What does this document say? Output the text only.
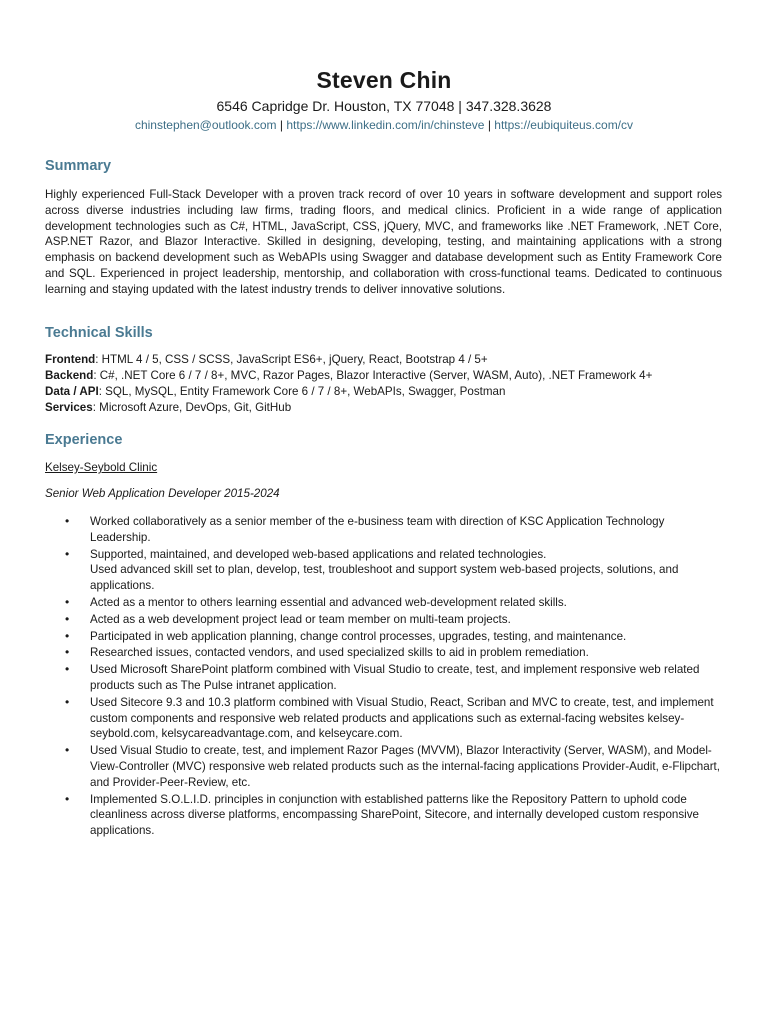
Steven Chin
6546 Capridge Dr. Houston, TX 77048 | 347.328.3628
chinstephen@outlook.com | https://www.linkedin.com/in/chinsteve | https://eubiquiteus.com/cv
Summary
Highly experienced Full-Stack Developer with a proven track record of over 10 years in software development and support roles across diverse industries including law firms, trading floors, and medical clinics. Proficient in a wide range of application development technologies such as C#, HTML, JavaScript, CSS, jQuery, MVC, and frameworks like .NET Framework, .NET Core, ASP.NET Razor, and Blazor Interactive. Skilled in designing, developing, testing, and maintaining applications with a strong emphasis on backend development such as WebAPIs using Swagger and database development such as Entity Framework Core and SQL. Experienced in project leadership, mentorship, and collaboration with cross-functional teams. Dedicated to continuous learning and staying updated with the latest industry trends to deliver innovative solutions.
Technical Skills
Frontend: HTML 4 / 5, CSS / SCSS, JavaScript ES6+, jQuery, React, Bootstrap 4 / 5+
Backend: C#, .NET Core 6 / 7 / 8+, MVC, Razor Pages, Blazor Interactive (Server, WASM, Auto), .NET Framework 4+
Data / API: SQL, MySQL, Entity Framework Core 6 / 7 / 8+, WebAPIs, Swagger, Postman
Services: Microsoft Azure, DevOps, Git, GitHub
Experience
Kelsey-Seybold Clinic
Senior Web Application Developer 2015-2024
• Worked collaboratively as a senior member of the e-business team with direction of KSC Application Technology Leadership.
• Supported, maintained, and developed web-based applications and related technologies.
Used advanced skill set to plan, develop, test, troubleshoot and support system web-based projects, solutions, and applications.
• Acted as a mentor to others learning essential and advanced web-development related skills.
• Acted as a web development project lead or team member on multi-team projects.
• Participated in web application planning, change control processes, upgrades, testing, and maintenance.
• Researched issues, contacted vendors, and used specialized skills to aid in problem remediation.
• Used Microsoft SharePoint platform combined with Visual Studio to create, test, and implement responsive web related products such as The Pulse intranet application.
• Used Sitecore 9.3 and 10.3 platform combined with Visual Studio, React, Scriban and MVC to create, test, and implement custom components and responsive web related products and applications such as external-facing websites kelsey-seybold.com, kelsycareadvantage.com, and kelseycare.com.
• Used Visual Studio to create, test, and implement Razor Pages (MVVM), Blazor Interactivity (Server, WASM), and Model-View-Controller (MVC) responsive web related products such as the internal-facing applications Provider-Audit, e-Flipchart, and Provider-Peer-Review, etc.
• Implemented S.O.L.I.D. principles in conjunction with established patterns like the Repository Pattern to uphold code cleanliness across diverse platforms, encompassing SharePoint, Sitecore, and internally developed custom responsive applications.
